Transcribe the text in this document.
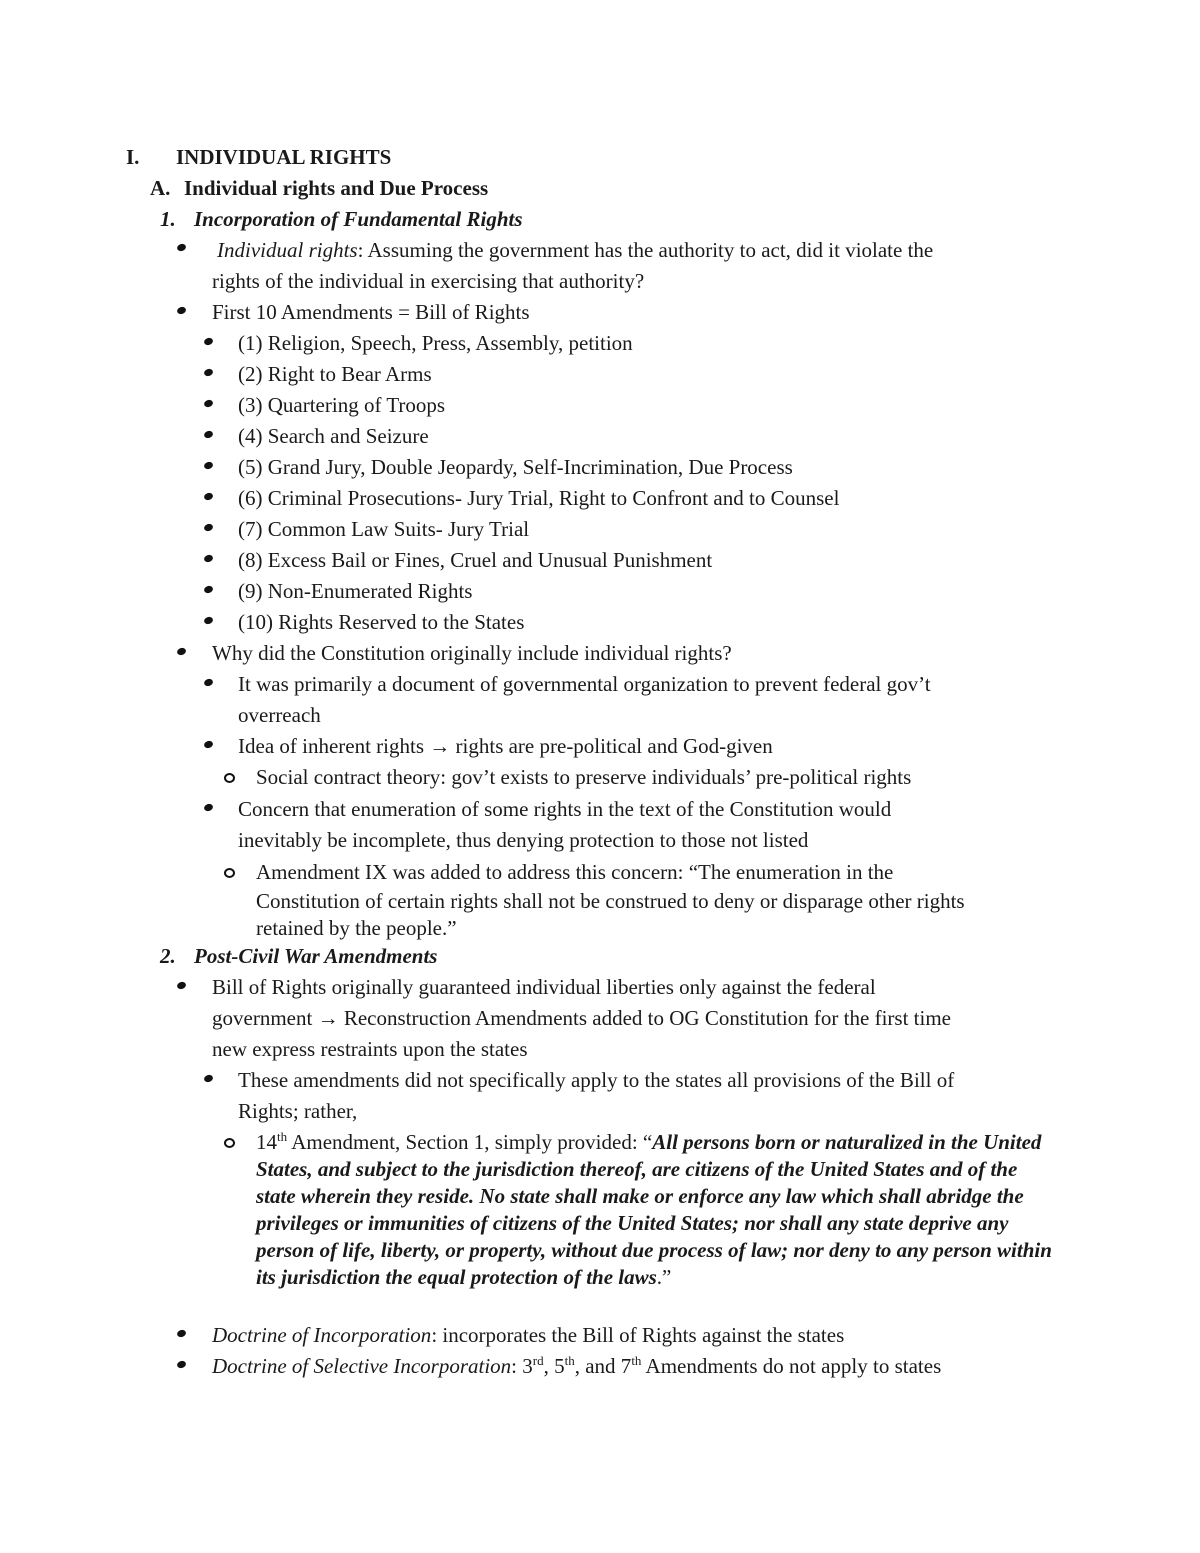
I. INDIVIDUAL RIGHTS
A. Individual rights and Due Process
1. Incorporation of Fundamental Rights
Individual rights: Assuming the government has the authority to act, did it violate the
rights of the individual in exercising that authority?
First 10 Amendments = Bill of Rights
(1) Religion, Speech, Press, Assembly, petition
(2) Right to Bear Arms
(3) Quartering of Troops
(4) Search and Seizure
(5) Grand Jury, Double Jeopardy, Self-Incrimination, Due Process
(6) Criminal Prosecutions- Jury Trial, Right to Confront and to Counsel
(7) Common Law Suits- Jury Trial
(8) Excess Bail or Fines, Cruel and Unusual Punishment
(9) Non-Enumerated Rights
(10) Rights Reserved to the States
Why did the Constitution originally include individual rights?
It was primarily a document of governmental organization to prevent federal gov’t
overreach
Idea of inherent rights → rights are pre-political and God-given
Social contract theory: gov’t exists to preserve individuals’ pre-political rights
Concern that enumeration of some rights in the text of the Constitution would
inevitably be incomplete, thus denying protection to those not listed
Amendment IX was added to address this concern: “The enumeration in the
Constitution of certain rights shall not be construed to deny or disparage other rights
retained by the people.”
2. Post-Civil War Amendments
Bill of Rights originally guaranteed individual liberties only against the federal
government → Reconstruction Amendments added to OG Constitution for the first time
new express restraints upon the states
These amendments did not specifically apply to the states all provisions of the Bill of
Rights; rather,
14th Amendment, Section 1, simply provided: “All persons born or naturalized in the United States, and subject to the jurisdiction thereof, are citizens of the United States and of the state wherein they reside. No state shall make or enforce any law which shall abridge the privileges or immunities of citizens of the United States; nor shall any state deprive any person of life, liberty, or property, without due process of law; nor deny to any person within its jurisdiction the equal protection of the laws.”
Doctrine of Incorporation: incorporates the Bill of Rights against the states
Doctrine of Selective Incorporation: 3rd, 5th, and 7th Amendments do not apply to states
